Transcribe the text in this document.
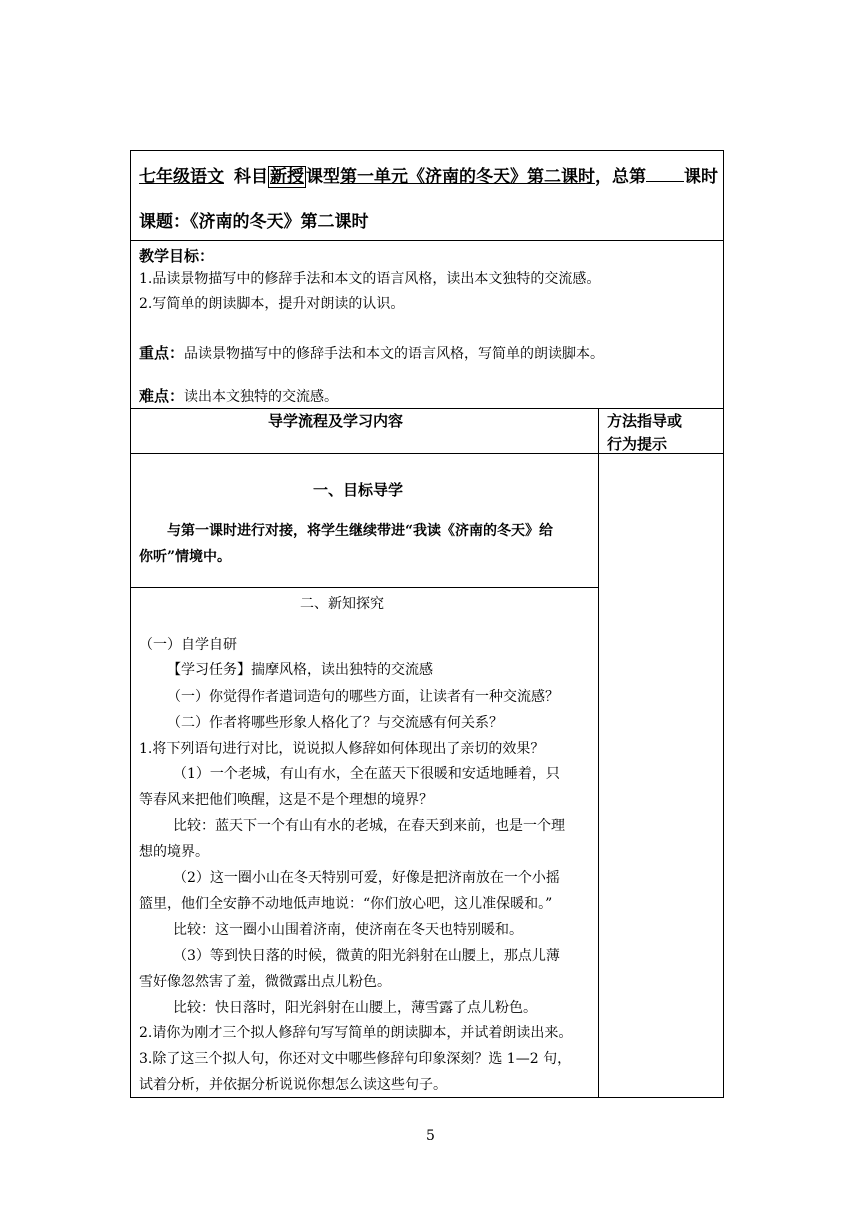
七年级语文 科目 新授 课型第一单元《济南的冬天》第二课时，总第 课时
课题：《济南的冬天》第二课时
教学目标：
1.品读景物描写中的修辞手法和本文的语言风格，读出本文独特的交流感。
2.写简单的朗读脚本，提升对朗读的认识。
重点：品读景物描写中的修辞手法和本文的语言风格，写简单的朗读脚本。
难点：读出本文独特的交流感。
导学流程及学习内容	方法指导或
行为提示
一、目标导学
与第一课时进行对接，将学生继续带进“我读《济南的冬天》给
你听”情境中。
二、新知探究
（一）自学自研
【学习任务】揣摩风格，读出独特的交流感
（一）你觉得作者遣词造句的哪些方面，让读者有一种交流感？
（二）作者将哪些形象人格化了？与交流感有何关系？
1.将下列语句进行对比，说说拟人修辞如何体现出了亲切的效果？
（1）一个老城，有山有水，全在蓝天下很暖和安适地睡着，只
等春风来把他们唤醒，这是不是个理想的境界？
比较：蓝天下一个有山有水的老城，在春天到来前，也是一个理
想的境界。
（2）这一圈小山在冬天特别可爱，好像是把济南放在一个小摇
篮里，他们全安静不动地低声地说：“你们放心吧，这儿准保暖和。”
比较：这一圈小山围着济南，使济南在冬天也特别暖和。
（3）等到快日落的时候，微黄的阳光斜射在山腰上，那点儿薄
雪好像忽然害了羞，微微露出点儿粉色。
比较：快日落时，阳光斜射在山腰上，薄雪露了点儿粉色。
2.请你为刚才三个拟人修辞句写写简单的朗读脚本，并试着朗读出来。
3.除了这三个拟人句，你还对文中哪些修辞句印象深刻？选 1—2 句，
试着分析，并依据分析说说你想怎么读这些句子。
5
